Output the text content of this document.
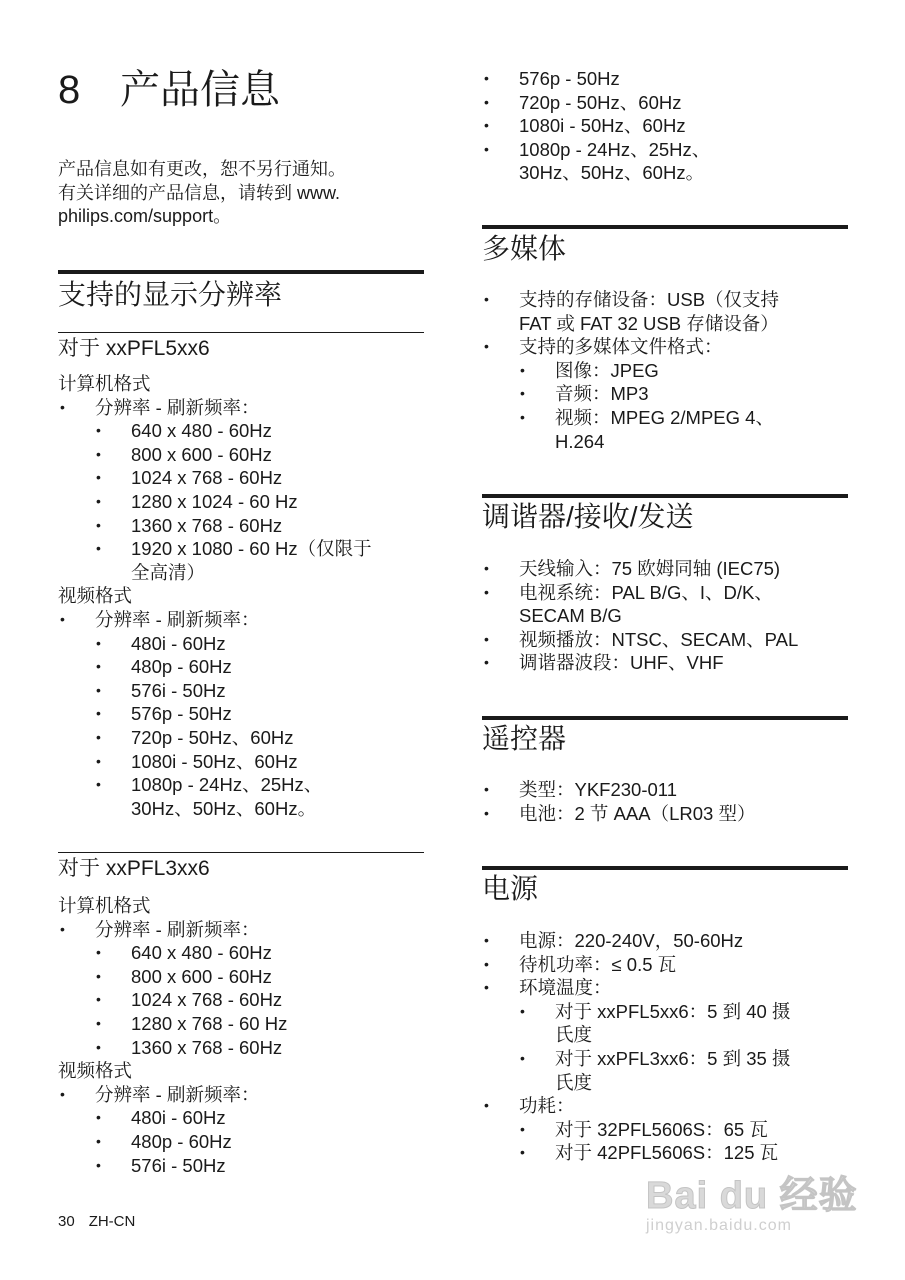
8 产品信息
产品信息如有更改，恕不另行通知。
有关详细的产品信息，请转到 www.
philips.com/support。
支持的显示分辨率
对于 xxPFL5xx6
计算机格式
• 分辨率 - 刷新频率：
• 640 x 480 - 60Hz
• 800 x 600 - 60Hz
• 1024 x 768 - 60Hz
• 1280 x 1024 - 60 Hz
• 1360 x 768 - 60Hz
• 1920 x 1080 - 60 Hz（仅限于
全高清）
视频格式
• 分辨率 - 刷新频率：
• 480i - 60Hz
• 480p - 60Hz
• 576i - 50Hz
• 576p - 50Hz
• 720p - 50Hz、60Hz
• 1080i - 50Hz、60Hz
• 1080p - 24Hz、25Hz、
30Hz、50Hz、60Hz。
对于 xxPFL3xx6
计算机格式
• 分辨率 - 刷新频率：
• 640 x 480 - 60Hz
• 800 x 600 - 60Hz
• 1024 x 768 - 60Hz
• 1280 x 768 - 60 Hz
• 1360 x 768 - 60Hz
视频格式
• 分辨率 - 刷新频率：
• 480i - 60Hz
• 480p - 60Hz
• 576i - 50Hz
• 576p - 50Hz
• 720p - 50Hz、60Hz
• 1080i - 50Hz、60Hz
• 1080p - 24Hz、25Hz、
30Hz、50Hz、60Hz。
多媒体
• 支持的存储设备：USB（仅支持
FAT 或 FAT 32 USB 存储设备）
• 支持的多媒体文件格式：
• 图像：JPEG
• 音频：MP3
• 视频：MPEG 2/MPEG 4、
H.264
调谐器/接收/发送
• 天线输入：75 欧姆同轴 (IEC75)
• 电视系统：PAL B/G、I、D/K、
SECAM B/G
• 视频播放：NTSC、SECAM、PAL
• 调谐器波段：UHF、VHF
遥控器
• 类型：YKF230-011
• 电池：2 节 AAA（LR03 型）
电源
• 电源：220-240V，50-60Hz
• 待机功率：≤ 0.5 瓦
• 环境温度：
• 对于 xxPFL5xx6：5 到 40 摄
氏度
• 对于 xxPFL3xx6：5 到 35 摄
氏度
• 功耗：
• 对于 32PFL5606S：65 瓦
• 对于 42PFL5606S：125 瓦
30 ZH-CN
Bai du 经验
jingyan.baidu.com
